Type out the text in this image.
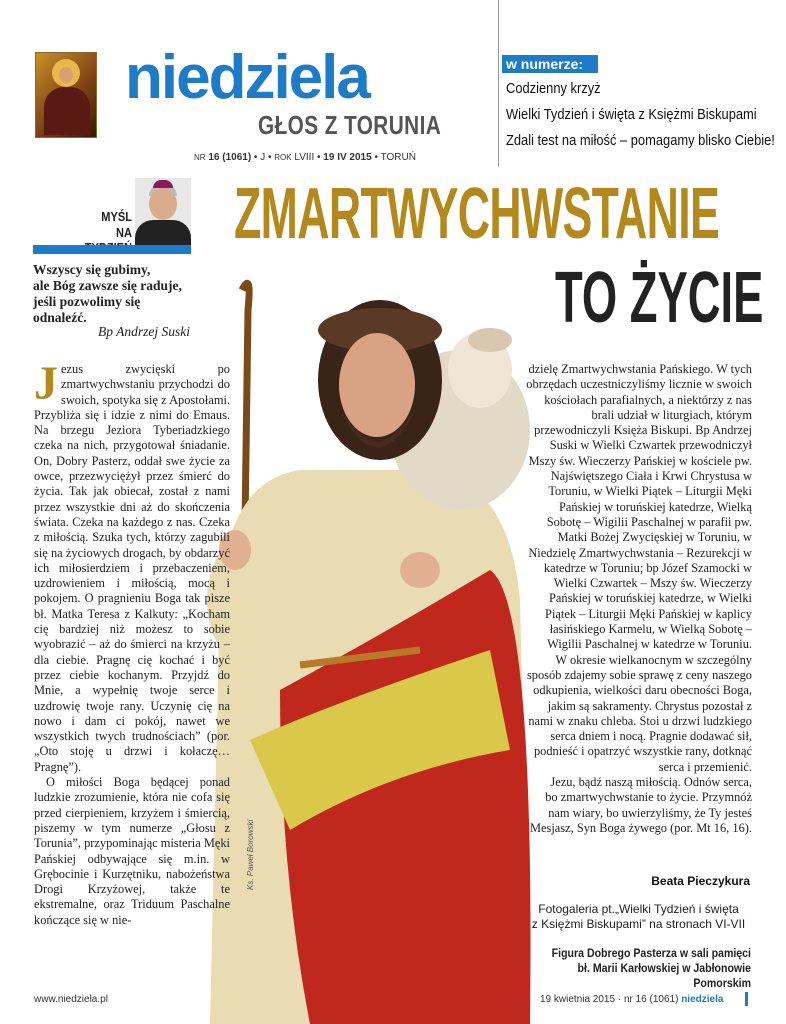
niedziela
GŁOS Z TORUNIA
NR 16 (1061) • J • ROK LVIII • 19 IV 2015 • TORUŃ
w numerze:
Codzienny krzyż
Wielki Tydzień i święta z Księżmi Biskupami
Zdali test na miłość – pomagamy blisko Ciebie!
MYŚL
NA
Wszyscy się gubimy,
ale Bóg zawsze się raduje,
jeśli pozwolimy się
odnaleźć.
Bp Andrzej Suski
ZMARTWYCHWSTANIE
TO ŻYCIE
Ks. Paweł Borowski
J ezus zwycięski po zmartwychwstaniu przychodzi do swoich, spotyka się z Apostołami. Przybliża się i idzie z nimi do Emaus. Na brzegu Jeziora Tyberiadzkiego czeka na nich, przygotował śniadanie. On, Dobry Pasterz, oddał swe życie za owce, przezwyciężył przez śmierć do życia. Tak jak obiecał, został z nami przez wszystkie dni aż do skończenia świata. Czeka na każdego z nas. Czeka z miłością. Szuka tych, którzy zagubili się na życiowych drogach, by obdarzyć ich miłosierdziem i przebaczeniem, uzdrowieniem i miłością, mocą i pokojem. O pragnieniu Boga tak pisze bł. Matka Teresa z Kalkuty: „Kocham cię bardziej niż możesz to sobie wyobrazić – aż do śmierci na krzyżu – dla ciebie. Pragnę cię kochać i być przez ciebie kochanym. Przyjdź do Mnie, a wypełnię twoje serce i uzdrowię twoje rany. Uczynię cię na nowo i dam ci pokój, nawet we wszystkich twych trudnościach” (por. „Oto stoję u drzwi i kołaczę… Pragnę”).

O miłości Boga będącej ponad ludzkie zrozumienie, która nie cofa się przed cierpieniem, krzyżem i śmiercią, piszemy w tym numerze „Głosu z Torunia”, przypominając misteria Męki Pańskiej odbywające się m.in. w Grębocinie i Kurzętniku, nabożeństwa Drogi Krzyżowej, także te ekstremalne, oraz Triduum Paschalne kończące się w nie-

dzielę Zmartwychwstania Pańskiego. W tych obrzędach uczestniczyliśmy licznie w swoich kościołach parafialnych, a niektórzy z nas brali udział w liturgiach, którym przewodniczyli Księża Biskupi. Bp Andrzej Suski w Wielki Czwartek przewodniczył Mszy św. Wieczerzy Pańskiej w kościele pw. Najświętszego Ciała i Krwi Chrystusa w Toruniu, w Wielki Piątek – Liturgii Męki Pańskiej w toruńskiej katedrze, Wielką Sobotę – Wigilii Paschalnej w parafii pw. Matki Bożej Zwycięskiej w Toruniu, w Niedzielę Zmartwychwstania – Rezurekcji w katedrze w Toruniu; bp Józef Szamocki w Wielki Czwartek – Mszy św. Wieczerzy Pańskiej w toruńskiej katedrze, w Wielki Piątek – Liturgii Męki Pańskiej w kaplicy łasińskiego Karmelu, w Wielką Sobotę – Wigilii Paschalnej w katedrze w Toruniu.

W okresie wielkanocnym w szczególny sposób zdajemy sobie sprawę z ceny naszego odkupienia, wielkości daru obecności Boga, jakim są sakramenty. Chrystus pozostał z nami w znaku chleba. Stoi u drzwi ludzkiego serca dniem i nocą. Pragnie dodawać sił, podnieść i opatrzyć wszystkie rany, dotknąć serca i przemienić.

Jezu, bądź naszą miłością. Odnów serca, bo zmartwychwstanie to życie. Przymnóż nam wiary, bo uwierzyliśmy, że Ty jesteś Mesjasz, Syn Boga żywego (por. Mt 16, 16).

Beata Pieczykura
Fotogaleria pt.„Wielki Tydzień i święta
z Księżmi Biskupami” na stronach VI-VII
Figura Dobrego Pasterza w sali pamięci
bł. Marii Karłowskiej w Jabłonowie Pomorskim
www.niedziela.pl	19 kwietnia 2015 · nr 16 (1061) niedziela
